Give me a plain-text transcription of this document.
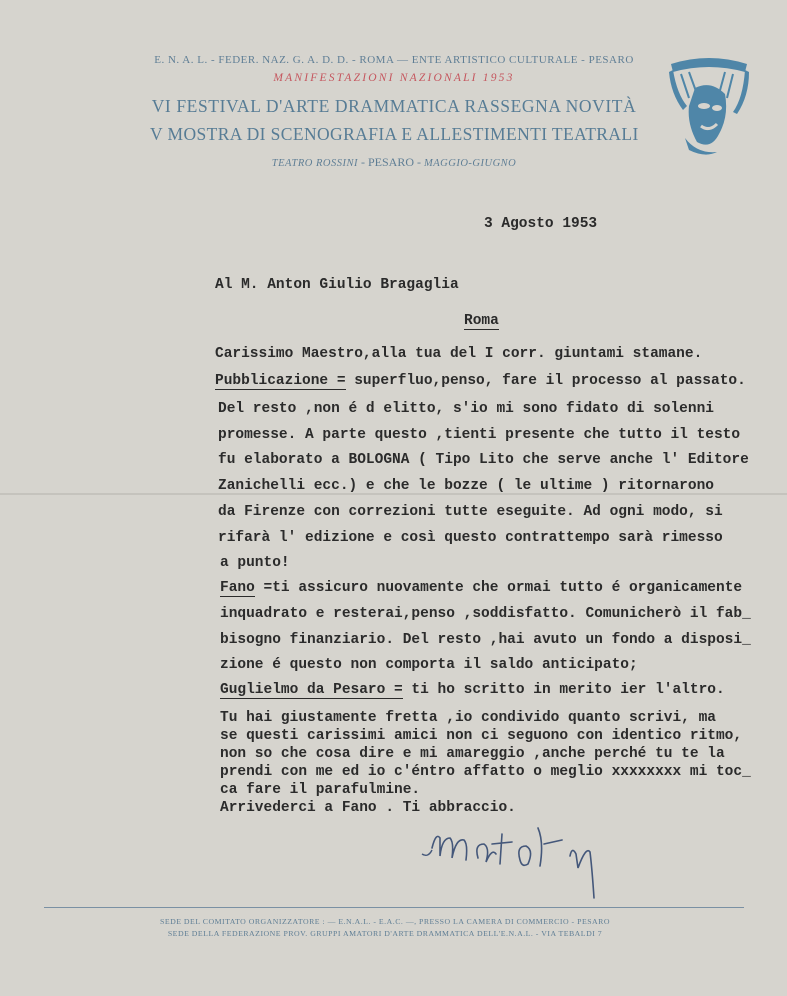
E. N. A. L. - FEDER. NAZ. G. A. D. D. - ROMA — ENTE ARTISTICO CULTURALE - PESARO
MANIFESTAZIONI NAZIONALI 1953
VI FESTIVAL D'ARTE DRAMMATICA RASSEGNA NOVITÀ
V MOSTRA DI SCENOGRAFIA E ALLESTIMENTI TEATRALI
TEATRO ROSSINI - PESARO - MAGGIO-GIUGNO
3 Agosto 1953
Al M. Anton Giulio Bragaglia
Roma
Carissimo Maestro,alla tua del I corr. giuntami stamane.
Pubblicazione = superfluo,penso, fare il processo al passato.
Del resto ,non é d elitto, s'io mi sono fidato di solenni
promesse. A parte questo ,tienti presente che tutto il testo
fu elaborato a BOLOGNA ( Tipo Lito che serve anche l' Editore
Zanichelli ecc.) e che le bozze ( le ultime ) ritornarono
da Firenze con correzioni tutte eseguite. Ad ogni modo, si
rifarà l' edizione e così questo contrattempo sarà rimesso
a punto!
Fano =ti assicuro nuovamente che ormai tutto é organicamente
inquadrato e resterai,penso ,soddisfatto. Comunicherò il fab_
bisogno finanziario. Del resto ,hai avuto un fondo a disposi_
zione é questo non comporta il saldo anticipato;
Guglielmo da Pesaro = ti ho scritto in merito ier l'altro.
Tu hai giustamente fretta ,io condivido quanto scrivi, ma
se questi carissimi amici non ci seguono con identico ritmo,
non so che cosa dire e mi amareggio ,anche perché tu te la
prendi con me ed io c'éntro affatto o meglio xxxxxxxx mi toc_
ca fare il parafulmine.
Arrivederci a Fano . Ti abbraccio.
SEDE DEL COMITATO ORGANIZZATORE : — E.N.A.L. - E.A.C. —, PRESSO LA CAMERA DI COMMERCIO - PESARO
SEDE DELLA FEDERAZIONE PROV. GRUPPI AMATORI D'ARTE DRAMMATICA DELL'E.N.A.L. - VIA TEBALDI 7
